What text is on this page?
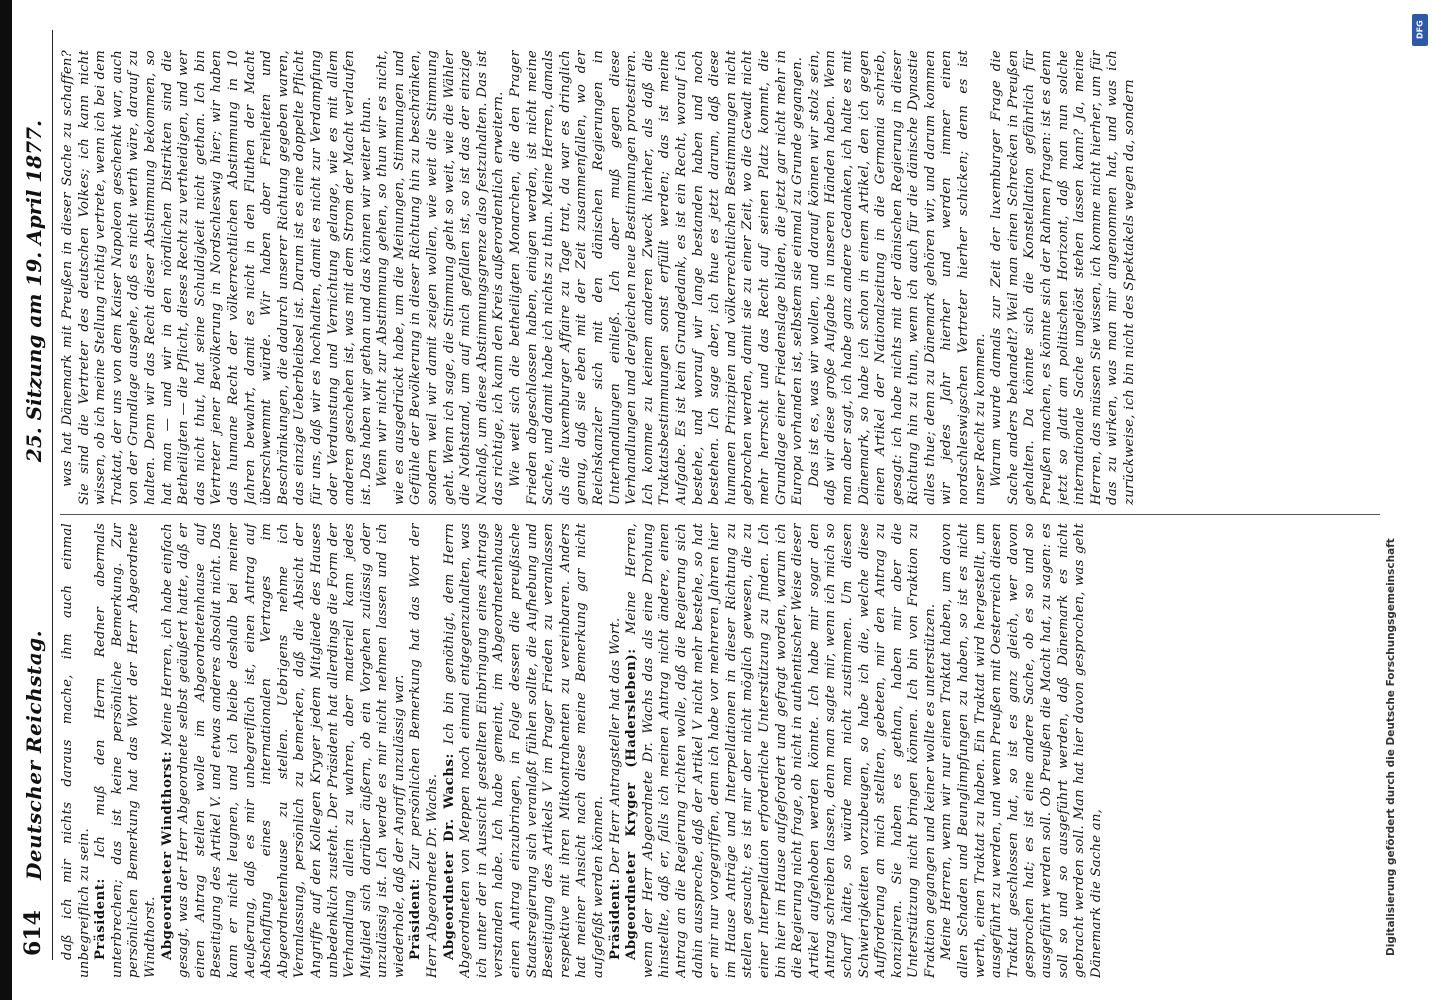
614
Deutscher Reichstag.
25. Sitzung am 19. April 1877.

daß ich mir nichts daraus mache, ihm auch einmal unbegreiflich zu sein. Präsident: Ich muß den Herrn Redner abermals unterbrechen; das ist keine persönliche Bemerkung. Zur persönlichen Bemerkung hat das Wort der Herr Abgeordnete Windthorst. Abgeordneter Windthorst: Meine Herren, ich habe einfach gesagt, was der Herr Abgeordnete selbst geäußert hatte, daß er einen Antrag stellen wolle im Abgeordnetenhause auf Beseitigung des Artikel V. und etwas anderes absolut nicht. Das kann er nicht leugnen, und ich bleibe deshalb bei meiner Aeußerung, daß es mir unbegreiflich ist, einen Antrag auf Abschaffung eines internationalen Vertrages im Abgeordnetenhause zu stellen. Uebrigens nehme ich Veranlassung, persönlich zu bemerken, daß die Absicht der Angriffe auf den Kollegen Kryger jedem Mitgliede des Hauses unbedenklich zusteht. Der Präsident hat allerdings die Form der Verhandlung allein zu wahren, aber materiell kann jedes Mitglied sich darüber äußern, ob ein Vorgehen zulässig oder unzulässig ist. Ich werde es mir nicht nehmen lassen und ich wiederhole, daß der Angriff unzulässig war. Präsident: Zur persönlichen Bemerkung hat das Wort der Herr Abgeordnete Dr. Wachs. Abgeordneter Dr. Wachs: Ich bin genöthigt, dem Herrn Abgeordneten von Meppen noch einmal entgegenzuhalten, was ich unter der in Aussicht gestellten Einbringung eines Antrags verstanden habe. Ich habe gemeint, im Abgeordnetenhause einen Antrag einzubringen, in Folge dessen die preußische Staatsregierung sich veranlaßt fühlen sollte, die Aufhebung und Beseitigung des Artikels V im Prager Frieden zu veranlassen respektive mit ihren Mitkontrahenten zu vereinbaren. Anders hat meiner Ansicht nach diese meine Bemerkung gar nicht aufgefaßt werden können. Präsident: Der Herr Antragsteller hat das Wort. Abgeordneter Kryger (Hadersleben): Meine Herren, wenn der Herr Abgeordnete Dr. Wachs das als eine Drohung hinstellte, daß er, falls ich meinen Antrag nicht ändere, einen Antrag an die Regierung richten wolle, daß die Regierung sich dahin ausspreche, daß der Artikel V nicht mehr bestehe, so hat er mir nur vorgegriffen, denn ich habe vor mehreren Jahren hier im Hause Anträge und Interpellationen in dieser Richtung zu stellen gesucht; es ist mir aber nicht möglich gewesen, die zu einer Interpellation erforderliche Unterstützung zu finden. Ich bin hier im Hause aufgefordert und gefragt worden, warum ich die Regierung nicht frage, ob nicht in authentischer Weise dieser Artikel aufgehoben werden könnte. Ich habe mir sogar den Antrag schreiben lassen, denn man sagte mir, wenn ich mich so scharf hätte, so würde man nicht zustimmen. Um diesen Schwierigkeiten vorzubeugen, so habe ich die, welche diese Aufforderung an mich stellten, gebeten, mir den Antrag zu konzipiren. Sie haben es gethan, haben mir aber die Unterstützung nicht bringen können. Ich bin von Fraktion zu Fraktion gegangen und keiner wollte es unterstützen. Meine Herren, wenn wir nur einen Traktat haben, um davon allen Schaden und Beunglimpfungen zu haben, so ist es nicht werth, einen Traktat zu haben. Ein Traktat wird hergestellt, um ausgeführt zu werden, und wenn Preußen mit Oesterreich diesen Traktat geschlossen hat, so ist es ganz gleich, wer davon gesprochen hat; es ist eine andere Sache, ob es so und so ausgeführt werden soll. Ob Preußen die Macht hat, zu sagen: es soll so und so ausgeführt werden, daß Dänemark es nicht gebracht werden soll. Man hat hier davon gesprochen, was geht Dänemark die Sache an,

was hat Dänemark mit Preußen in dieser Sache zu schaffen? Sie sind die Vertreter des deutschen Volkes; ich kann nicht wissen, ob ich meine Stellung richtig vertrete, wenn ich bei dem Traktat, der uns von dem Kaiser Napoleon geschenkt war, auch von der Grundlage ausgehe, daß es nicht werth wäre, darauf zu halten. Denn wir das Recht dieser Abstimmung bekommen, so hat man — und wir in den nördlichen Distrikten sind die Betheiligten — die Pflicht, dieses Recht zu vertheidigen, und wer das nicht thut, hat seine Schuldigkeit nicht gethan. Ich bin Vertreter jener Bevölkerung in Nordschleswig hier; wir haben das humane Recht der völkerrechtlichen Abstimmung in 10 Jahren bewahrt, damit es nicht in den Fluthen der Macht überschwemmt würde. Wir haben aber Freiheiten und Beschränkungen, die dadurch unserer Richtung gegeben waren, das einzige Ueberbleibsel ist. Darum ist es eine doppelte Pflicht für uns, daß wir es hochhalten, damit es nicht zur Verdampfung oder Verdunstung und Vernichtung gelange, wie es mit allem anderen geschehen ist, was mit dem Strom der Macht verlaufen ist. Das haben wir gethan und das können wir weiter thun. Wenn wir nicht zur Abstimmung gehen, so thun wir es nicht, wie es ausgedrückt habe, um die Meinungen, Stimmungen und Gefühle der Bevölkerung in dieser Richtung hin zu beschränken, sondern weil wir damit zeigen wollen, wie weit die Stimmung geht. Wenn ich sage, die Stimmung geht so weit, wie die Wähler die Nothstand, um auf mich gefallen ist, so ist das der einzige Nachlaß, um diese Abstimmungsgrenze also festzuhalten. Das ist das richtige, ich kann den Kreis außerordentlich erweitern. Wie weit sich die betheiligten Monarchen, die den Prager Frieden abgeschlossen haben, einigen werden, ist nicht meine Sache, und damit habe ich nichts zu thun. Meine Herren, damals als die luxemburger Affaire zu Tage trat, da war es dringlich genug, daß sie eben mit der Zeit zusammenfallen, wo der Reichskanzler sich mit den dänischen Regierungen in Unterhandlungen einließ. Ich aber muß gegen diese Verhandlungen und dergleichen neue Bestimmungen protestiren. Ich komme zu keinem anderen Zweck hierher, als daß die Traktatsbestimmungen sonst erfüllt werden; das ist meine Aufgabe. Es ist kein Grundgedank, es ist ein Recht, worauf ich bestehe, und worauf wir lange bestanden haben und noch bestehen. Ich sage aber, ich thue es jetzt darum, daß diese humanen Prinzipien und völkerrechtlichen Bestimmungen nicht gebrochen werden, damit sie zu einer Zeit, wo die Gewalt nicht mehr herrscht und das Recht auf seinen Platz kommt, die Grundlage einer Friedenslage bilden, die jetzt gar nicht mehr in Europa vorhanden ist, selbstem sie einmal zu Grunde gegangen. Das ist es, was wir wollen, und darauf können wir stolz sein, daß wir diese große Aufgabe in unseren Händen haben. Wenn man aber sagt, ich habe ganz andere Gedanken, ich halte es mit Dänemark, so habe ich schon in einem Artikel, den ich gegen einen Artikel der Nationalzeitung in die Germania schrieb, gesagt: ich habe nichts mit der dänischen Regierung in dieser Richtung hin zu thun, wenn ich auch für die dänische Dynastie alles thue; denn zu Dänemark gehören wir, und darum kommen wir jedes Jahr hierher und werden immer einen nordschleswigschen Vertreter hierher schicken; denn es ist unser Recht zu kommen. Warum wurde damals zur Zeit der luxemburger Frage die Sache anders behandelt? Weil man einen Schrecken in Preußen gehalten. Da könnte sich die Konstellation gefährlich für Preußen machen, es könnte sich der Rahmen fragen: ist es denn jetzt so glatt am politischen Horizont, daß man nun solche internationale Sache ungelöst stehen lassen kann? Ja, meine Herren, das müssen Sie wissen, ich komme nicht hierher, um für das zu wirken, was man mir angenommen hat, und was ich zurückweise, ich bin nicht des Spektakels wegen da, sondern

Digitalisierung gefördert durch die Deutsche Forschungsgemeinschaft
DFG
